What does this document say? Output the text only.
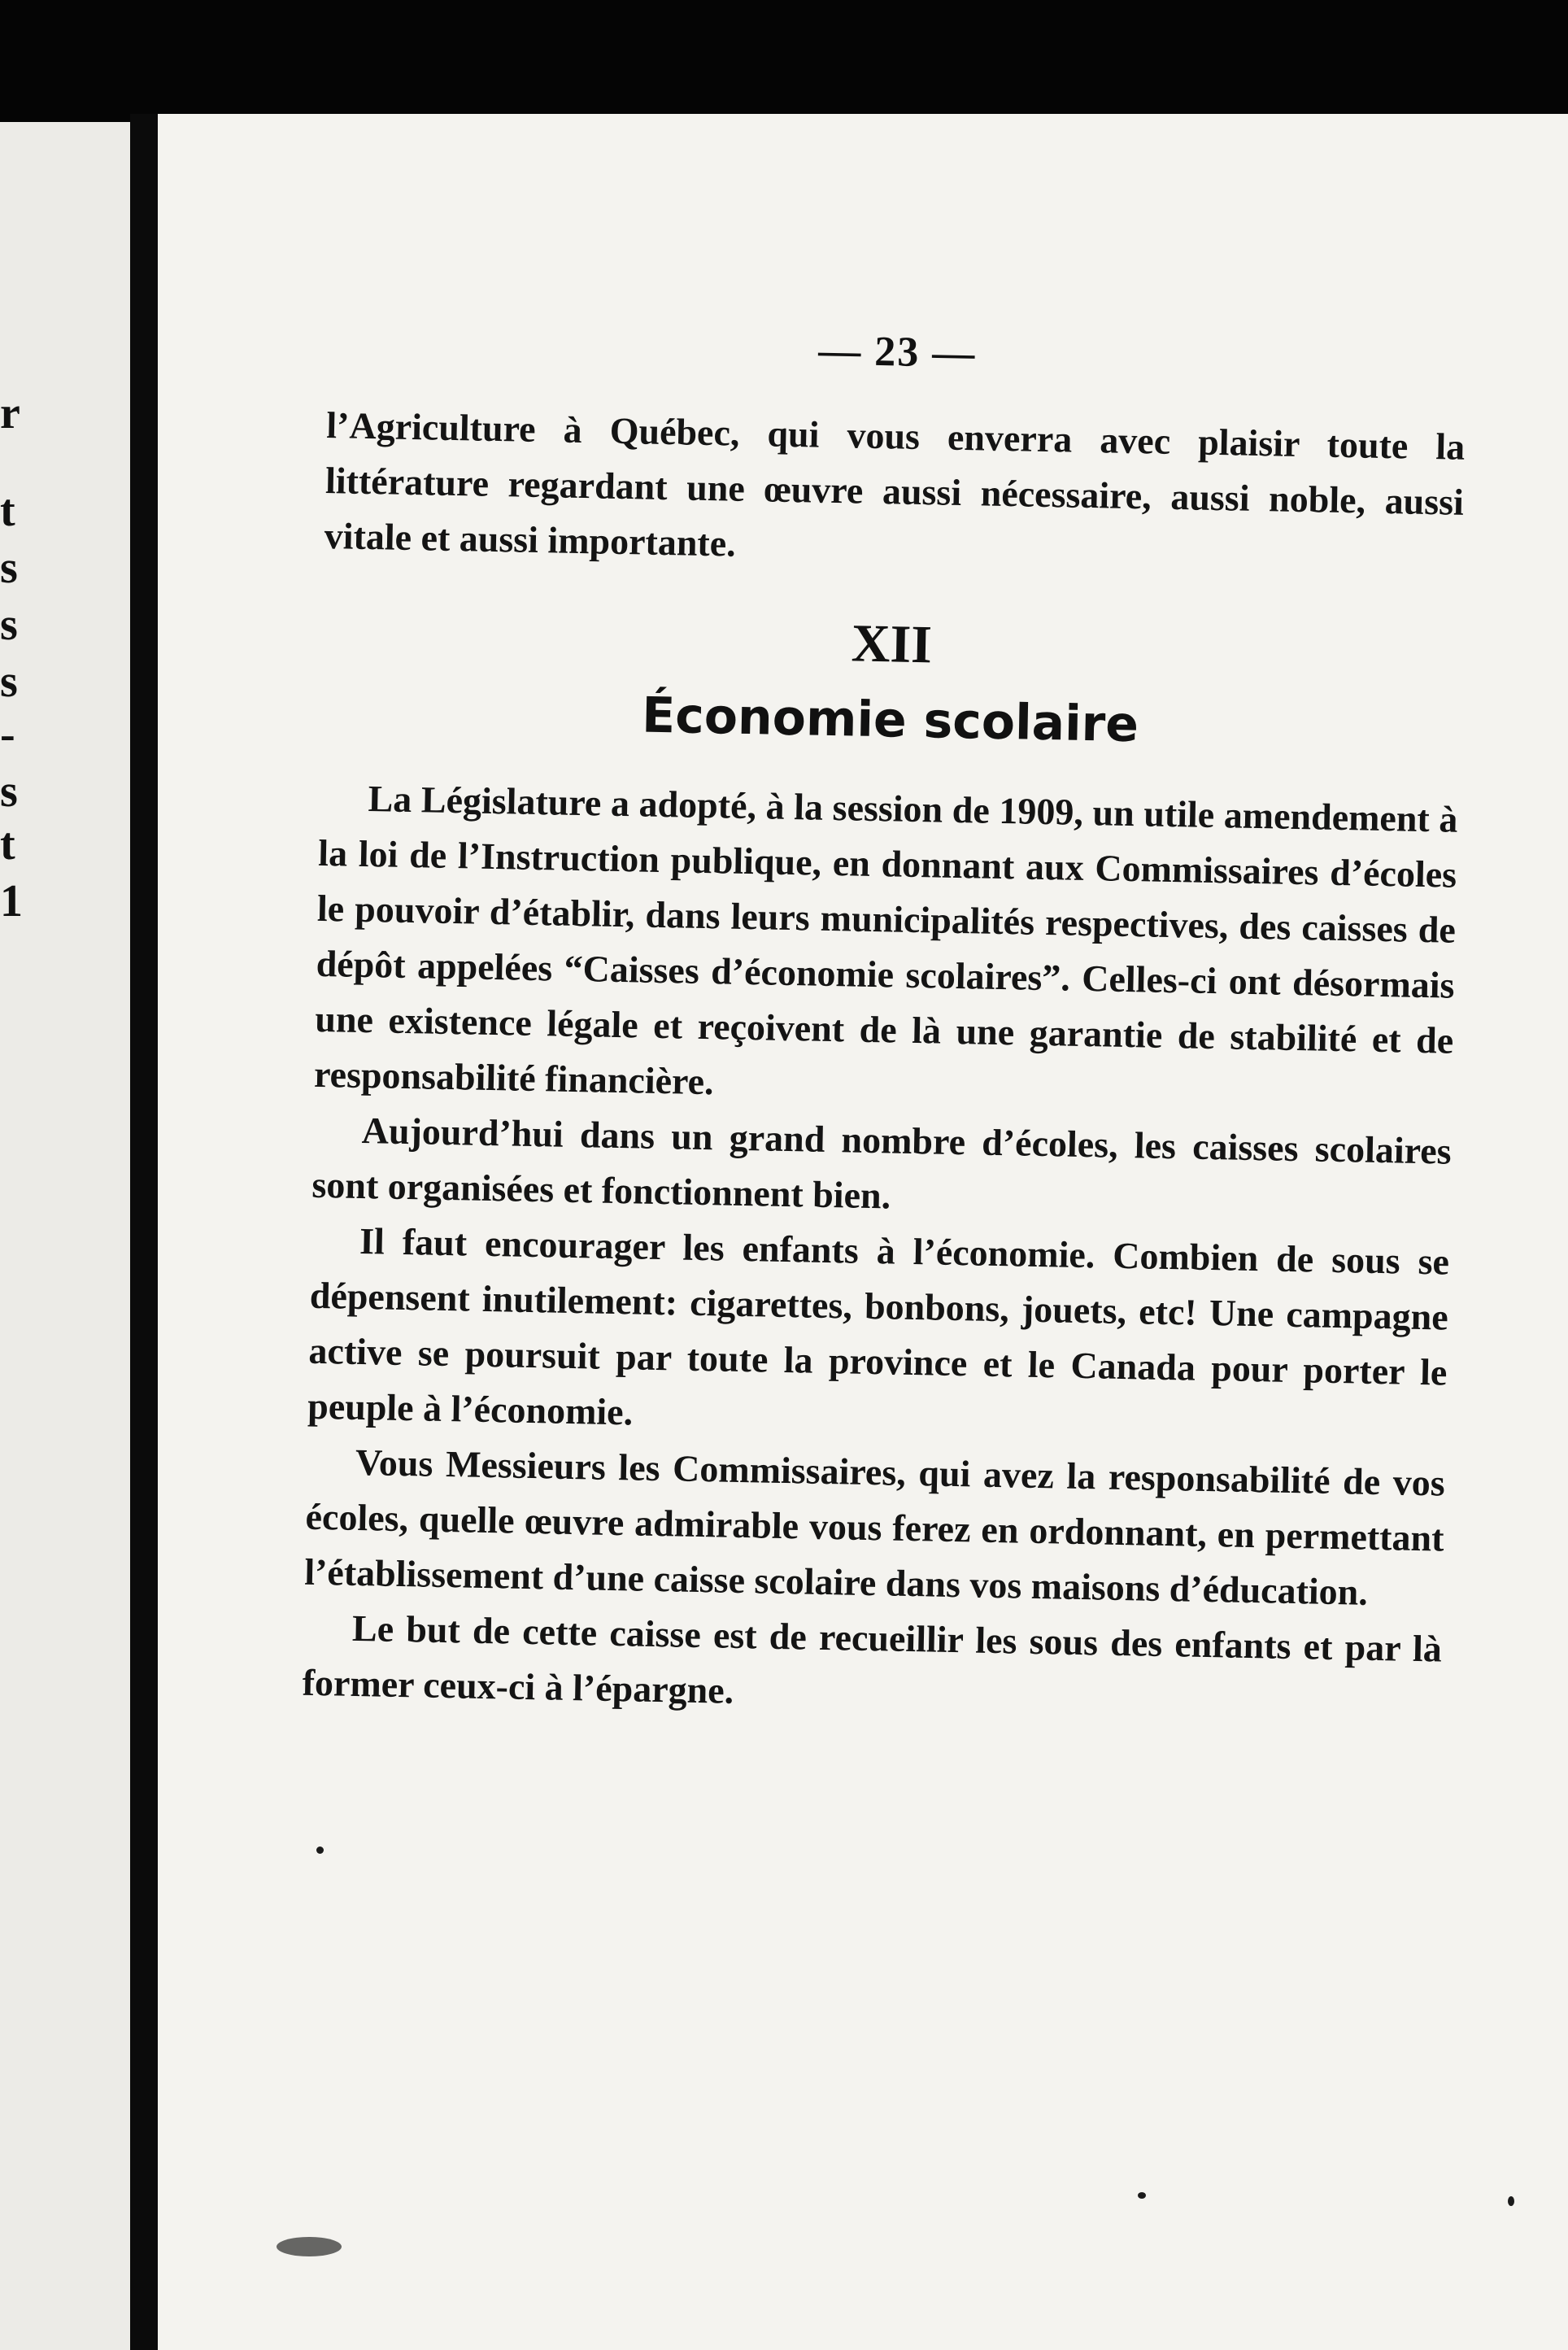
r
t
s
s
s
-
s
t
1
— 23 —

l’Agriculture à Québec, qui vous enverra avec plaisir toute la littérature regardant une œuvre aussi nécessaire, aussi noble, aussi vitale et aussi importante.

XII
Économie scolaire

La Législature a adopté, à la session de 1909, un utile amendement à la loi de l’Instruction publique, en donnant aux Commissaires d’écoles le pouvoir d’établir, dans leurs municipalités respectives, des caisses de dépôt appelées “Caisses d’économie scolaires”. Celles-ci ont désormais une existence légale et reçoivent de là une garantie de stabilité et de responsabilité financière.

Aujourd’hui dans un grand nombre d’écoles, les caisses scolaires sont organisées et fonctionnent bien.

Il faut encourager les enfants à l’économie. Combien de sous se dépensent inutilement: cigarettes, bonbons, jouets, etc! Une campagne active se poursuit par toute la province et le Canada pour porter le peuple à l’économie.

Vous Messieurs les Commissaires, qui avez la responsabilité de vos écoles, quelle œuvre admirable vous ferez en ordonnant, en permettant l’établissement d’une caisse scolaire dans vos maisons d’éducation.

Le but de cette caisse est de recueillir les sous des enfants et par là former ceux-ci à l’épargne.
